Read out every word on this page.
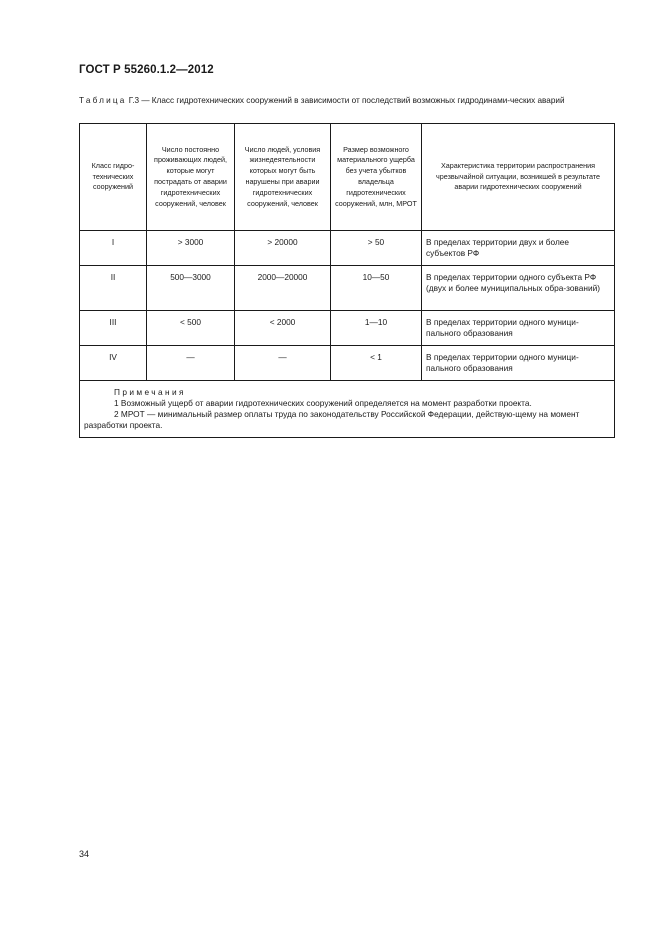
ГОСТ Р 55260.1.2—2012
Таблица Г.3 — Класс гидротехнических сооружений в зависимости от последствий возможных гидродинами-ческих аварий
Класс гидро-технических сооружений	Число постоянно проживающих людей, которые могут пострадать от аварии гидротехнических сооружений, человек	Число людей, условия жизнедеятельности которых могут быть нарушены при аварии гидротехнических сооружений, человек	Размер возможного материального ущерба без учета убытков владельца гидротехнических сооружений, млн, МРОТ	Характеристика территории распространения чрезвычайной ситуации, возникшей в результате аварии гидротехнических сооружений
I	> 3000	> 20000	> 50	В пределах территории двух и более субъектов РФ
II	500—3000	2000—20000	10—50	В пределах территории одного субъекта РФ (двух и более муниципальных обра-зований)
III	< 500	< 2000	1—10	В пределах территории одного муници-пального образования
IV	—	—	< 1	В пределах территории одного муници-пального образования

Примечания
1 Возможный ущерб от аварии гидротехнических сооружений определяется на момент разработки проекта.
2 МРОТ — минимальный размер оплаты труда по законодательству Российской Федерации, действую-щему на момент разработки проекта.				
34
